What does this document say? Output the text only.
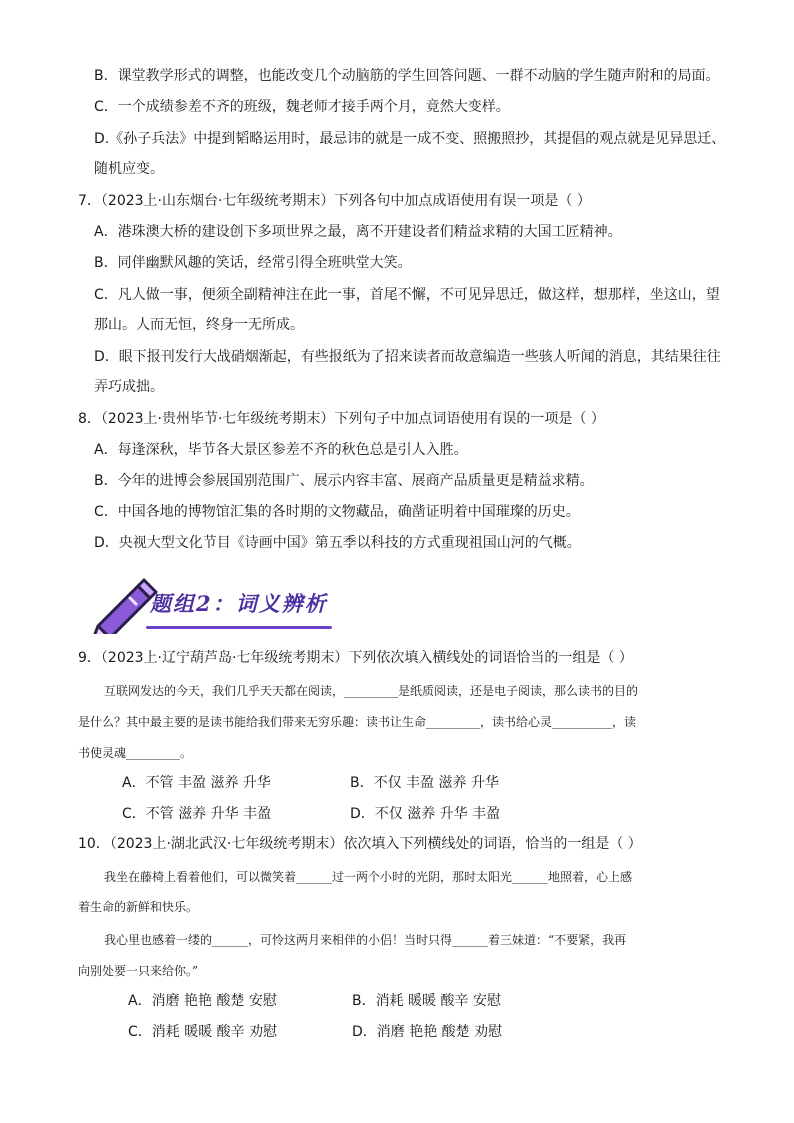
B．课堂教学形式的调整，也能改变几个动脑筋的学生回答问题、一群不动脑的学生随声附和的局面。
C．一个成绩参差不齐的班级，魏老师才接手两个月，竟然大变样。
D.《孙子兵法》中提到韬略运用时，最忌讳的就是一成不变、照搬照抄，其提倡的观点就是见异思迁、
随机应变。
7．（2023上·山东烟台·七年级统考期末）下列各句中加点成语使用有误一项是（ ）
A．港珠澳大桥的建设创下多项世界之最，离不开建设者们精益求精的大国工匠精神。
B．同伴幽默风趣的笑话，经常引得全班哄堂大笑。
C．凡人做一事，便须全副精神注在此一事，首尾不懈，不可见异思迁，做这样，想那样，坐这山，望
那山。人而无恒，终身一无所成。
D．眼下报刊发行大战硝烟渐起，有些报纸为了招来读者而故意编造一些骇人听闻的消息，其结果往往
弄巧成拙。
8．（2023上·贵州毕节·七年级统考期末）下列句子中加点词语使用有误的一项是（ ）
A．每逢深秋，毕节各大景区参差不齐的秋色总是引人入胜。
B．今年的进博会参展国别范围广、展示内容丰富、展商产品质量更是精益求精。
C．中国各地的博物馆汇集的各时期的文物藏品，确凿证明着中国璀璨的历史。
D．央视大型文化节目《诗画中国》第五季以科技的方式重现祖国山河的气概。
题组2：词义辨析
9．（2023上·辽宁葫芦岛·七年级统考期末）下列依次填入横线处的词语恰当的一组是（ ）
互联网发达的今天，我们几乎天天都在阅读，_________是纸质阅读，还是电子阅读，那么读书的目的
是什么？其中最主要的是读书能给我们带来无穷乐趣：读书让生命_________，读书给心灵__________，读
书使灵魂_________。
A．不管 丰盈 滋养 升华	B．不仅 丰盈 滋养 升华
C．不管 滋养 升华 丰盈	D．不仅 滋养 升华 丰盈
10．（2023上·湖北武汉·七年级统考期末）依次填入下列横线处的词语，恰当的一组是（ ）
我坐在藤椅上看着他们，可以微笑着______过一两个小时的光阴，那时太阳光______地照着，心上感
着生命的新鲜和快乐。
我心里也感着一缕的______，可怜这两月来相伴的小侣！当时只得______着三妹道：“不要紧，我再
向别处要一只来给你。”
A．消磨 艳艳 酸楚 安慰	B．消耗 暖暖 酸辛 安慰
C．消耗 暖暖 酸辛 劝慰	D．消磨 艳艳 酸楚 劝慰
